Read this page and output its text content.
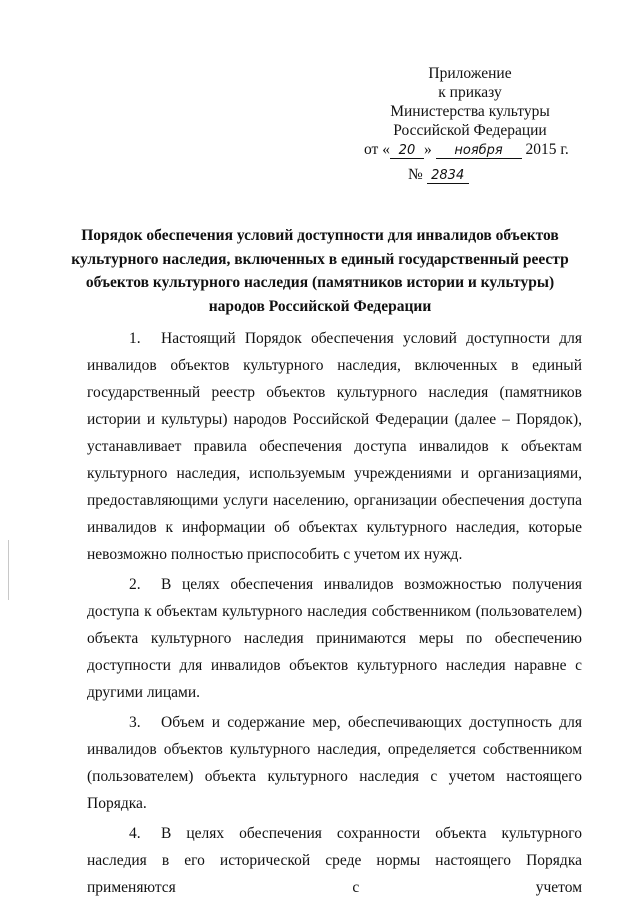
Приложение
к приказу
Министерства культуры
Российской Федерации
от « 20 » ноября 2015 г.
№ 2834
Порядок обеспечения условий доступности для инвалидов объектов культурного наследия, включенных в единый государственный реестр объектов культурного наследия (памятников истории и культуры) народов Российской Федерации

1. Настоящий Порядок обеспечения условий доступности для инвалидов объектов культурного наследия, включенных в единый государственный реестр объектов культурного наследия (памятников истории и культуры) народов Российской Федерации (далее – Порядок), устанавливает правила обеспечения доступа инвалидов к объектам культурного наследия, используемым учреждениями и организациями, предоставляющими услуги населению, организации обеспечения доступа инвалидов к информации об объектах культурного наследия, которые невозможно полностью приспособить с учетом их нужд.

2. В целях обеспечения инвалидов возможностью получения доступа к объектам культурного наследия собственником (пользователем) объекта культурного наследия принимаются меры по обеспечению доступности для инвалидов объектов культурного наследия наравне с другими лицами.

3. Объем и содержание мер, обеспечивающих доступность для инвалидов объектов культурного наследия, определяется собственником (пользователем) объекта культурного наследия с учетом настоящего Порядка.

4. В целях обеспечения сохранности объекта культурного наследия в его исторической среде нормы настоящего Порядка применяются с учетом
